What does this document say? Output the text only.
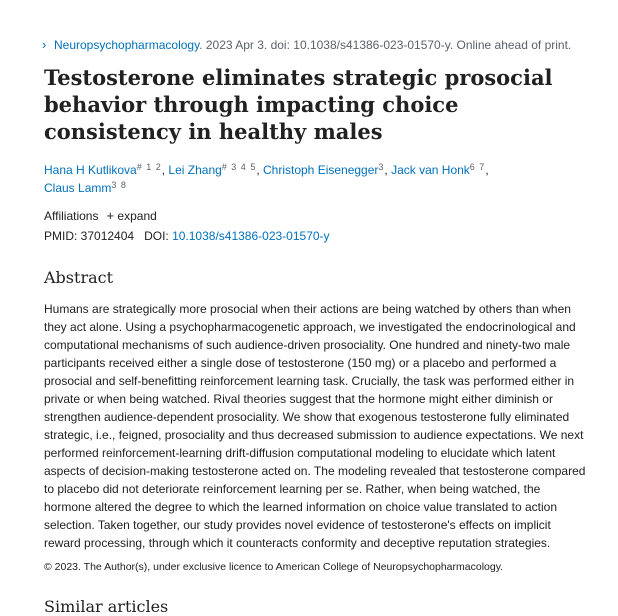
› Neuropsychopharmacology. 2023 Apr 3. doi: 10.1038/s41386-023-01570-y. Online ahead of print.
Testosterone eliminates strategic prosocial behavior through impacting choice consistency in healthy males
Hana H Kutlikova$^{\# 1 2}$, Lei Zhang$^{\# 3 4 5}$, Christoph Eisenegger$^3$, Jack van Honk$^{6 7}$,
Claus Lamm$^{3 8}$
Affiliations + expand
PMID: 37012404 DOI: 10.1038/s41386-023-01570-y
Abstract

Humans are strategically more prosocial when their actions are being watched by others than when they act alone. Using a psychopharmacogenetic approach, we investigated the endocrinological and computational mechanisms of such audience-driven prosociality. One hundred and ninety-two male participants received either a single dose of testosterone (150 mg) or a placebo and performed a prosocial and self-benefitting reinforcement learning task. Crucially, the task was performed either in private or when being watched. Rival theories suggest that the hormone might either diminish or strengthen audience-dependent prosociality. We show that exogenous testosterone fully eliminated strategic, i.e., feigned, prosociality and thus decreased submission to audience expectations. We next performed reinforcement-learning drift-diffusion computational modeling to elucidate which latent aspects of decision-making testosterone acted on. The modeling revealed that testosterone compared to placebo did not deteriorate reinforcement learning per se. Rather, when being watched, the hormone altered the degree to which the learned information on choice value translated to action selection. Taken together, our study provides novel evidence of testosterone's effects on implicit reward processing, through which it counteracts conformity and deceptive reputation strategies.

© 2023. The Author(s), under exclusive licence to American College of Neuropsychopharmacology.
Similar articles
